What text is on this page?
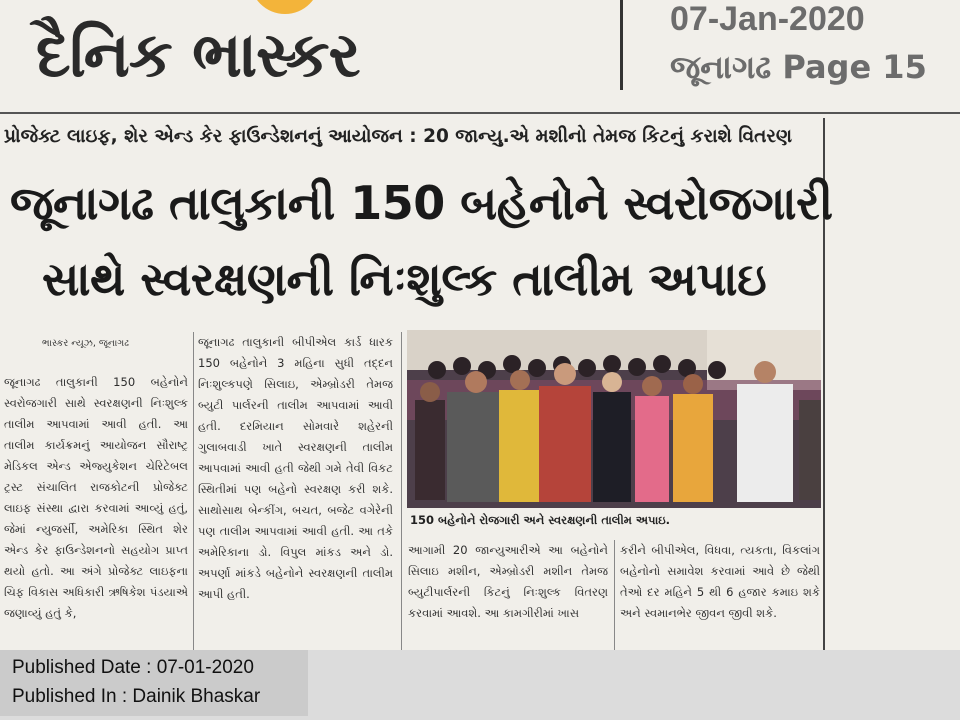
દૈનિક ભાસ્કર	07-Jan-2020
જૂનાગઢ Page 15
પ્રોજેક્ટ લાઇફ, શેર એન્ડ કેર ફાઉન્ડેશનનું આયોજન : 20 જાન્યુ.એ મશીનો તેમજ કિટનું કરાશે વિતરણ
જૂનાગઢ તાલુકાની 150 બહેનોને સ્વરોજગારી
સાથે સ્વરક્ષણની નિઃશુલ્ક તાલીમ અપાઇ
ભાસ્કર ન્યૂઝ, જૂનાગઢ
જૂનાગઢ તાલુકાની 150 બહેનોને સ્વરોજગારી સાથે સ્વરક્ષણની નિઃશુલ્ક તાલીમ આપવામાં આવી હતી. આ તાલીમ કાર્યક્રમનું આયોજન સૌરાષ્ટ્ર મેડિકલ એન્ડ એજ્યુકેશન ચેરિટેબલ ટ્રસ્ટ સંચાલિત રાજકોટની પ્રોજેક્ટ લાઇફ સંસ્થા દ્વારા કરવામાં આવ્યું હતું, જેમાં ન્યુજર્સી, અમેરિકા સ્થિત શેર એન્ડ કેર ફાઉન્ડેશનનો સહયોગ પ્રાપ્ત થયો હતો. આ અંગે પ્રોજેક્ટ લાઇફના ચિફ વિકાસ અધિકારી ઋષિકેશ પંડયાએ જણાવ્યું હતું કે,
જૂનાગઢ તાલુકાની બીપીએલ કાર્ડ ધારક 150 બહેનોને 3 મહિના સુધી તદ્દન નિઃશુલ્કપણે સિલાઇ, એમ્બ્રોડરી તેમજ બ્યુટી પાર્લરની તાલીમ આપવામાં આવી હતી. દરમિયાન સોમવારે શહેરની ગુલાબવાડી ખાતે સ્વરક્ષણની તાલીમ આપવામાં આવી હતી જેથી ગમે તેવી વિકટ સ્થિતીમાં પણ બહેનો સ્વરક્ષણ કરી શકે. સાથોસાથ બેન્કીંગ, બચત, બજેટ વગેરેની પણ તાલીમ આપવામાં આવી હતી. આ તકે અમેરિકાના ડો. વિપુલ માંકડ અને ડો. અપર્ણા માંકડે બહેનોને સ્વરક્ષણની તાલીમ આપી હતી.
150 બહેનોને રોજગારી અને સ્વરક્ષણની તાલીમ અપાઇ.
આગામી 20 જાન્યુઆરીએ આ બહેનોને સિલાઇ મશીન, એમ્બ્રોડરી મશીન તેમજ બ્યુટીપાર્લરની કિટનું નિઃશુલ્ક વિતરણ કરવામાં આવશે. આ કામગીરીમાં ખાસ
કરીને બીપીએલ, વિધવા, ત્યકતા, વિકલાંગ બહેનોનો સમાવેશ કરવામાં આવે છે જેથી તેઓ દર મહિને 5 થી 6 હજાર કમાઇ શકે અને સ્વમાનભેર જીવન જીવી શકે.
Published Date : 07-01-2020
Published In : Dainik Bhaskar
